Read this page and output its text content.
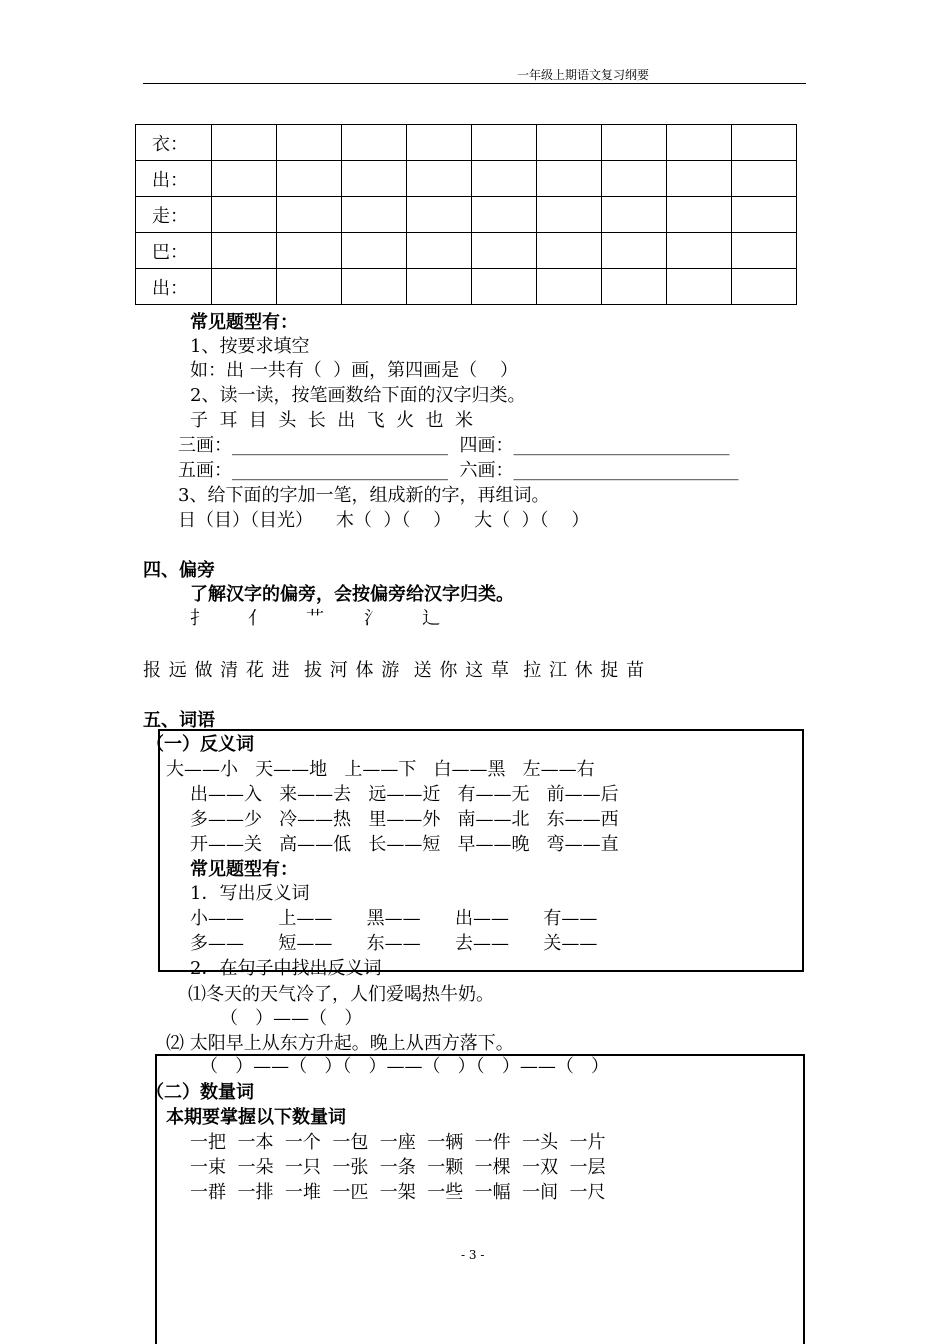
一年级上期语文复习纲要
衣：									
出：									
走：									
巴：									
出：									
常见题型有：
1、按要求填空
如：出 一共有（  ）画，第四画是（    ）
2、读一读，按笔画数给下面的汉字归类。
子  耳  目  头  长  出  飞  火  也  米
三画：________________________  四画：________________________
五画：________________________  六画：_________________________
3、给下面的字加一笔，组成新的字，再组词。
日（目）（目光）    木（  ）（    ）    大（  ）（    ）
四、偏旁
了解汉字的偏旁，会按偏旁给汉字归类。
扌       亻       艹       氵       辶
报 远 做 清 花 进  拔 河 体 游  送 你 这 草  拉 江 休 捉 苗
五、词语
（一）反义词
大——小   天——地   上——下   白——黑   左——右
出——入   来——去   远——近   有——无   前——后
多——少   冷——热   里——外   南——北   东——西
开——关   高——低   长——短   早——晚   弯——直
常见题型有：
1．写出反义词
小——      上——      黑——      出——      有——
多——      短——      东——      去——      关——
2．在句子中找出反义词
⑴冬天的天气冷了，人们爱喝热牛奶。
（   ）——（   ）
⑵ 太阳早上从东方升起。晚上从西方落下。
（   ）——（   ）（   ）——（   ）（   ）——（   ）
（二）数量词
本期要掌握以下数量词
一把  一本  一个  一包  一座  一辆  一件  一头  一片
一束  一朵  一只  一张  一条  一颗  一棵  一双  一层
一群  一排  一堆  一匹  一架  一些  一幅  一间  一尺
- 3 -
